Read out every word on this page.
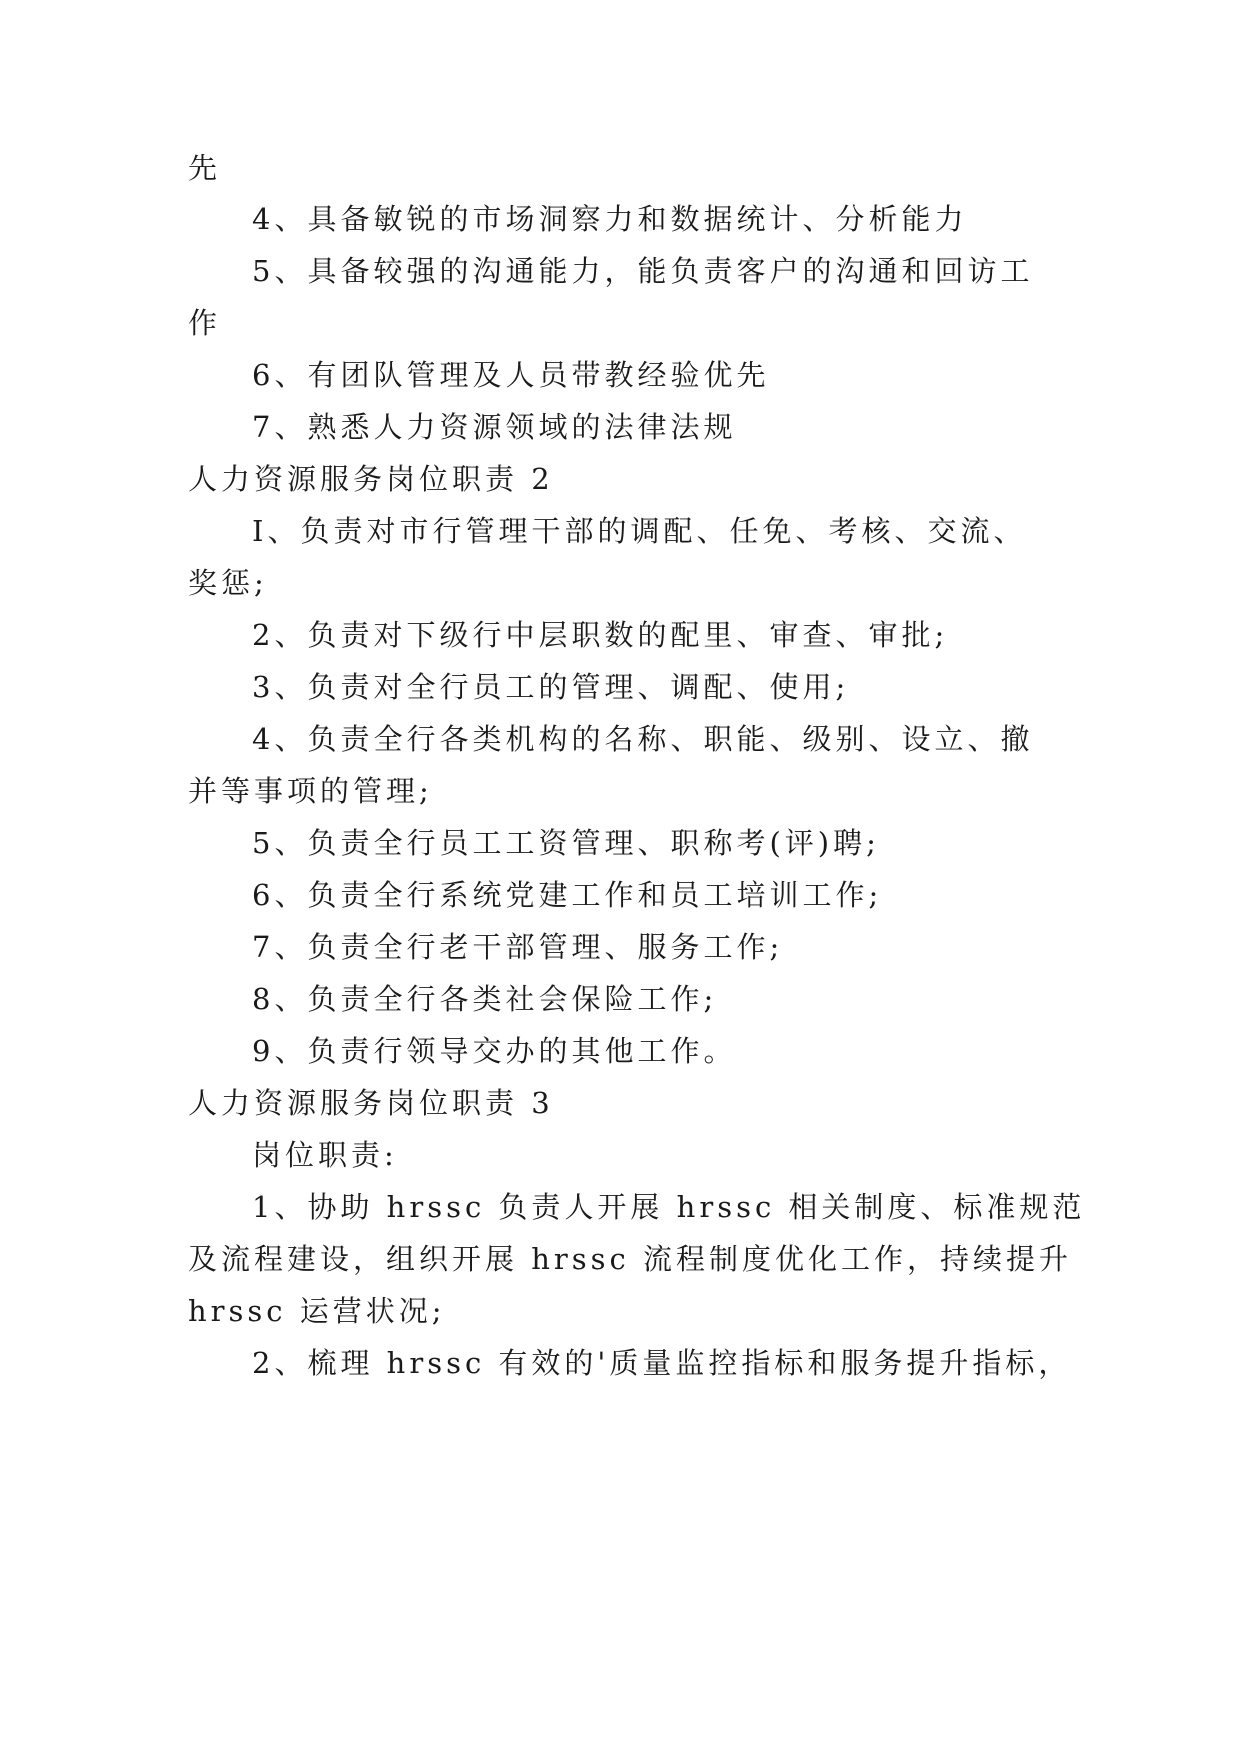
先
4、具备敏锐的市场洞察力和数据统计、分析能力
5、具备较强的沟通能力，能负责客户的沟通和回访工
作
6、有团队管理及人员带教经验优先
7、熟悉人力资源领域的法律法规
人力资源服务岗位职责 2
I、负责对市行管理干部的调配、任免、考核、交流、
奖惩;
2、负责对下级行中层职数的配里、审查、审批;
3、负责对全行员工的管理、调配、使用;
4、负责全行各类机构的名称、职能、级别、设立、撤
并等事项的管理;
5、负责全行员工工资管理、职称考(评)聘;
6、负责全行系统党建工作和员工培训工作;
7、负责全行老干部管理、服务工作;
8、负责全行各类社会保险工作;
9、负责行领导交办的其他工作。
人力资源服务岗位职责 3
岗位职责:
1、协助 hrssc 负责人开展 hrssc 相关制度、标准规范
及流程建设，组织开展 hrssc 流程制度优化工作，持续提升
hrssc 运营状况;
2、梳理 hrssc 有效的'质量监控指标和服务提升指标，
